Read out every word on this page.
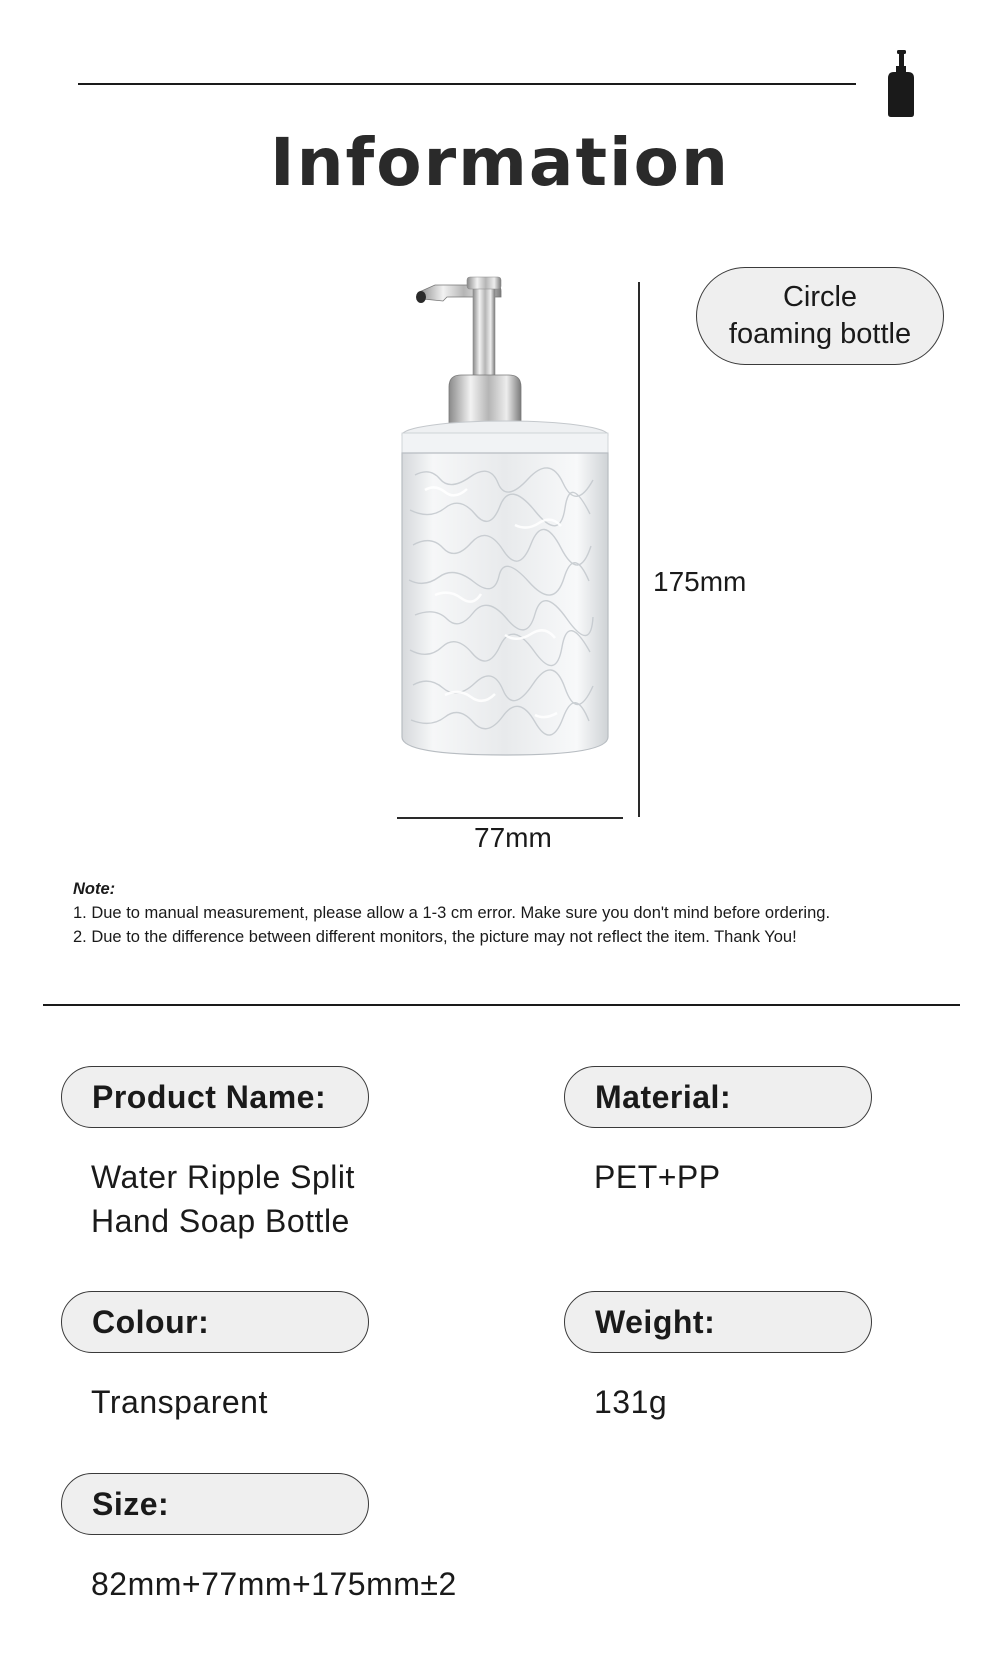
Information
175mm
77mm
Circle
foaming bottle
Note:
1. Due to manual measurement, please allow a 1-3 cm error. Make sure you don't mind before ordering.
2. Due to the difference between different monitors, the picture may not reflect the item. Thank You!
Product Name:
Water Ripple Split
Hand Soap Bottle
Material:
PET+PP
Colour:
Transparent
Weight:
131g
Size:
82mm+77mm+175mm±2
